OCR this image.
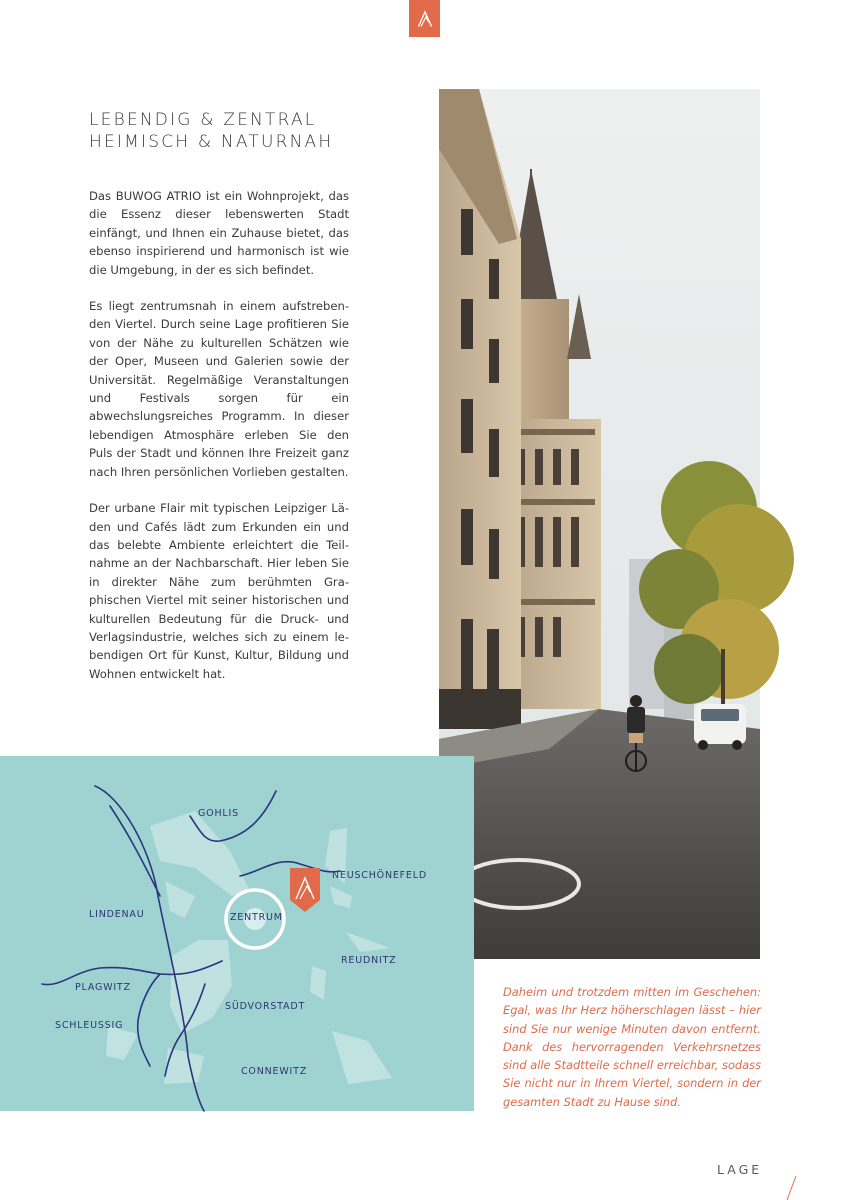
LEBENDIG & ZENTRAL
HEIMISCH & NATURNAH

Das BUWOG ATRIO ist ein Wohnprojekt, das die Essenz dieser lebenswerten Stadt einfängt, und Ihnen ein Zuhause bietet, das ebenso inspirierend und harmonisch ist wie die Umgebung, in der es sich befindet.

Es liegt zentrumsnah in einem aufstrebenden Viertel. Durch seine Lage profitieren Sie von der Nähe zu kulturellen Schätzen wie der Oper, Museen und Galerien sowie der Universität. Regelmäßige Veranstaltungen und Festivals sorgen für ein abwechslungsreiches Programm. In dieser lebendigen Atmosphäre erleben Sie den Puls der Stadt und können Ihre Freizeit ganz nach Ihren persönlichen Vorlieben gestalten.

Der urbane Flair mit typischen Leipziger Läden und Cafés lädt zum Erkunden ein und das belebte Ambiente erleichtert die Teilnahme an der Nachbarschaft. Hier leben Sie in direkter Nähe zum berühmten Graphischen Viertel mit seiner historischen und kulturellen Bedeutung für die Druck- und Verlagsindustrie, welches sich zu einem lebendigen Ort für Kunst, Kultur, Bildung und Wohnen entwickelt hat.

GOHLIS
NEUSCHÖNEFELD
LINDENAU	ZENTRUM
REUDNITZ
PLAGWITZ
SÜDVORSTADT
SCHLEUSSIG
CONNEWITZ

Daheim und trotzdem mitten im Geschehen: Egal, was Ihr Herz höherschlagen lässt – hier sind Sie nur wenige Minuten davon entfernt. Dank des hervorragenden Verkehrsnetzes sind alle Stadtteile schnell erreichbar, sodass Sie nicht nur in Ihrem Viertel, sondern in der gesamten Stadt zu Hause sind.

LAGE
